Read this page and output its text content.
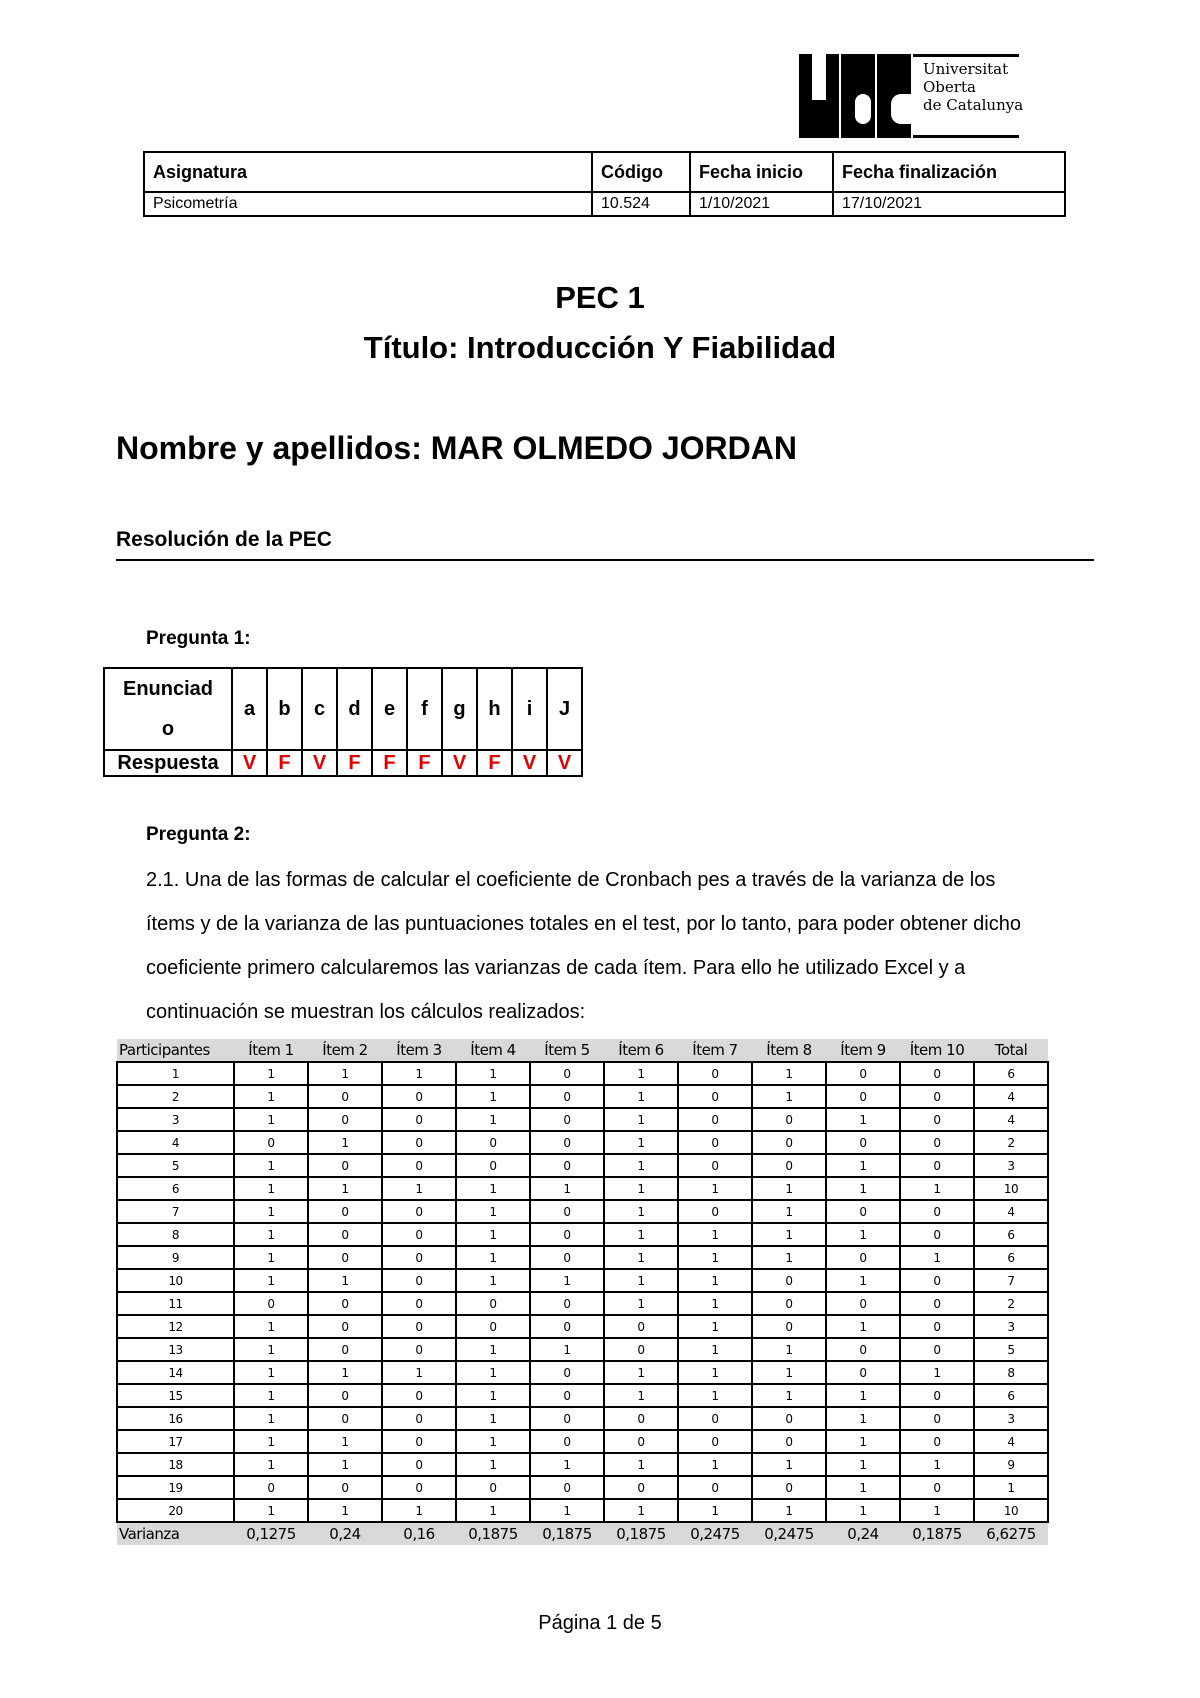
Universitat
Oberta
de Catalunya
Asignatura	Código	Fecha inicio	Fecha finalización
Psicometría	10.524	1/10/2021	17/10/2021
PEC 1
Título: Introducción Y Fiabilidad
Nombre y apellidos: MAR OLMEDO JORDAN
Resolución de la PEC
Pregunta 1:
Enunciado	a	b	c	d	e	f	g	h	i	J
Respuesta	V	F	V	F	F	F	V	F	V	V
Pregunta 2:
2.1. Una de las formas de calcular el coeficiente de Cronbach pes a través de la varianza de los
ítems y de la varianza de las puntuaciones totales en el test, por lo tanto, para poder obtener dicho
coeficiente primero calcularemos las varianzas de cada ítem. Para ello he utilizado Excel y a
continuación se muestran los cálculos realizados:
Participantes	Ítem 1	Ítem 2	Ítem 3	Ítem 4	Ítem 5	Ítem 6	Ítem 7	Ítem 8	Ítem 9	Ítem 10	Total
1	1	1	1	1	0	1	0	1	0	0	6
2	1	0	0	1	0	1	0	1	0	0	4
3	1	0	0	1	0	1	0	0	1	0	4
4	0	1	0	0	0	1	0	0	0	0	2
5	1	0	0	0	0	1	0	0	1	0	3
6	1	1	1	1	1	1	1	1	1	1	10
7	1	0	0	1	0	1	0	1	0	0	4
8	1	0	0	1	0	1	1	1	1	0	6
9	1	0	0	1	0	1	1	1	0	1	6
10	1	1	0	1	1	1	1	0	1	0	7
11	0	0	0	0	0	1	1	0	0	0	2
12	1	0	0	0	0	0	1	0	1	0	3
13	1	0	0	1	1	0	1	1	0	0	5
14	1	1	1	1	0	1	1	1	0	1	8
15	1	0	0	1	0	1	1	1	1	0	6
16	1	0	0	1	0	0	0	0	1	0	3
17	1	1	0	1	0	0	0	0	1	0	4
18	1	1	0	1	1	1	1	1	1	1	9
19	0	0	0	0	0	0	0	0	1	0	1
20	1	1	1	1	1	1	1	1	1	1	10
Varianza	0,1275	0,24	0,16	0,1875	0,1875	0,1875	0,2475	0,2475	0,24	0,1875	6,6275
Página 1 de 5
